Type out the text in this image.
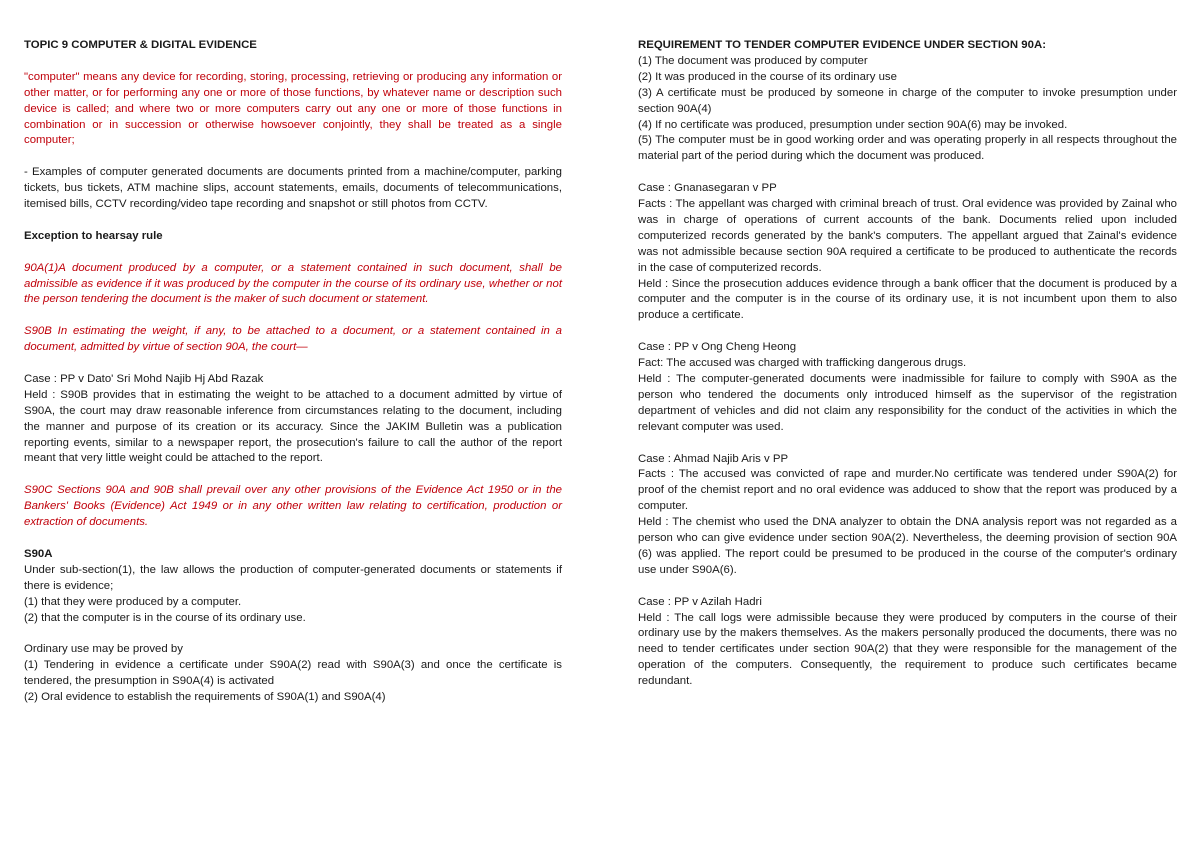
TOPIC 9 COMPUTER & DIGITAL EVIDENCE

"computer" means any device for recording, storing, processing, retrieving or producing any information or other matter, or for performing any one or more of those functions, by whatever name or description such device is called; and where two or more computers carry out any one or more of those functions in combination or in succession or otherwise howsoever conjointly, they shall be treated as a single computer;

- Examples of computer generated documents are documents printed from a machine/computer, parking tickets, bus tickets, ATM machine slips, account statements, emails, documents of telecommunications, itemised bills, CCTV recording/video tape recording and snapshot or still photos from CCTV.

Exception to hearsay rule

90A(1)A document produced by a computer, or a statement contained in such document, shall be admissible as evidence if it was produced by the computer in the course of its ordinary use, whether or not the person tendering the document is the maker of such document or statement.

S90B In estimating the weight, if any, to be attached to a document, or a statement contained in a document, admitted by virtue of section 90A, the court—

Case : PP v Dato' Sri Mohd Najib Hj Abd Razak

Held : S90B provides that in estimating the weight to be attached to a document admitted by virtue of S90A, the court may draw reasonable inference from circumstances relating to the document, including the manner and purpose of its creation or its accuracy. Since the JAKIM Bulletin was a publication reporting events, similar to a newspaper report, the prosecution's failure to call the author of the report meant that very little weight could be attached to the report.

S90C Sections 90A and 90B shall prevail over any other provisions of the Evidence Act 1950 or in the Bankers' Books (Evidence) Act 1949 or in any other written law relating to certification, production or extraction of documents.

S90A

Under sub-section(1), the law allows the production of computer-generated documents or statements if there is evidence;

(1) that they were produced by a computer.

(2) that the computer is in the course of its ordinary use.

Ordinary use may be proved by

(1) Tendering in evidence a certificate under S90A(2) read with S90A(3) and once the certificate is tendered, the presumption in S90A(4) is activated

(2) Oral evidence to establish the requirements of S90A(1) and S90A(4)

REQUIREMENT TO TENDER COMPUTER EVIDENCE UNDER SECTION 90A:

(1) The document was produced by computer

(2) It was produced in the course of its ordinary use

(3) A certificate must be produced by someone in charge of the computer to invoke presumption under section 90A(4)

(4) If no certificate was produced, presumption under section 90A(6) may be invoked.

(5) The computer must be in good working order and was operating properly in all respects throughout the material part of the period during which the document was produced.

Case : Gnanasegaran v PP

Facts : The appellant was charged with criminal breach of trust. Oral evidence was provided by Zainal who was in charge of operations of current accounts of the bank. Documents relied upon included computerized records generated by the bank's computers. The appellant argued that Zainal's evidence was not admissible because section 90A required a certificate to be produced to authenticate the records in the case of computerized records.

Held : Since the prosecution adduces evidence through a bank officer that the document is produced by a computer and the computer is in the course of its ordinary use, it is not incumbent upon them to also produce a certificate.

Case : PP v Ong Cheng Heong

Fact: The accused was charged with trafficking dangerous drugs.

Held : The computer-generated documents were inadmissible for failure to comply with S90A as the person who tendered the documents only introduced himself as the supervisor of the registration department of vehicles and did not claim any responsibility for the conduct of the activities in which the relevant computer was used.

Case : Ahmad Najib Aris v PP

Facts : The accused was convicted of rape and murder.No certificate was tendered under S90A(2) for proof of the chemist report and no oral evidence was adduced to show that the report was produced by a computer.

Held : The chemist who used the DNA analyzer to obtain the DNA analysis report was not regarded as a person who can give evidence under section 90A(2). Nevertheless, the deeming provision of section 90A (6) was applied. The report could be presumed to be produced in the course of the computer's ordinary use under S90A(6).

Case : PP v Azilah Hadri

Held : The call logs were admissible because they were produced by computers in the course of their ordinary use by the makers themselves. As the makers personally produced the documents, there was no need to tender certificates under section 90A(2) that they were responsible for the management of the operation of the computers. Consequently, the requirement to produce such certificates became redundant.
